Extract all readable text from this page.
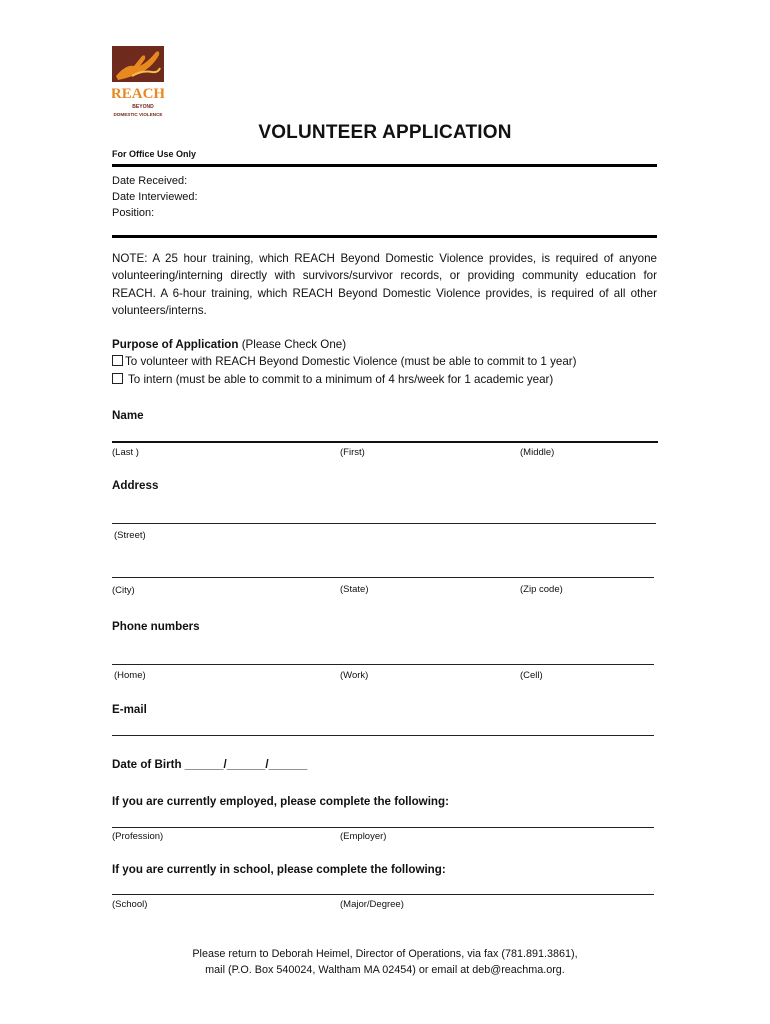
REACH
BEYOND
DOMESTIC VIOLENCE
VOLUNTEER APPLICATION
For Office Use Only
Date Received:
Date Interviewed:
Position:
NOTE: A 25 hour training, which REACH Beyond Domestic Violence provides, is required of anyone volunteering/interning directly with survivors/survivor records, or providing community education for REACH. A 6-hour training, which REACH Beyond Domestic Violence provides, is required of all other volunteers/interns.
Purpose of Application (Please Check One)
To volunteer with REACH Beyond Domestic Violence (must be able to commit to 1 year)
To intern (must be able to commit to a minimum of 4 hrs/week for 1 academic year)
Name
(Last )	(First)	(Middle)
Address
(Street)
(City)	(State)	(Zip code)
Phone numbers
(Home)	(Work)	(Cell)
E-mail
Date of Birth ______/______/______
If you are currently employed, please complete the following:
(Profession)	(Employer)
If you are currently in school, please complete the following:
(School)	(Major/Degree)
Please return to Deborah Heimel, Director of Operations, via fax (781.891.3861),
mail (P.O. Box 540024, Waltham MA 02454) or email at deb@reachma.org.
